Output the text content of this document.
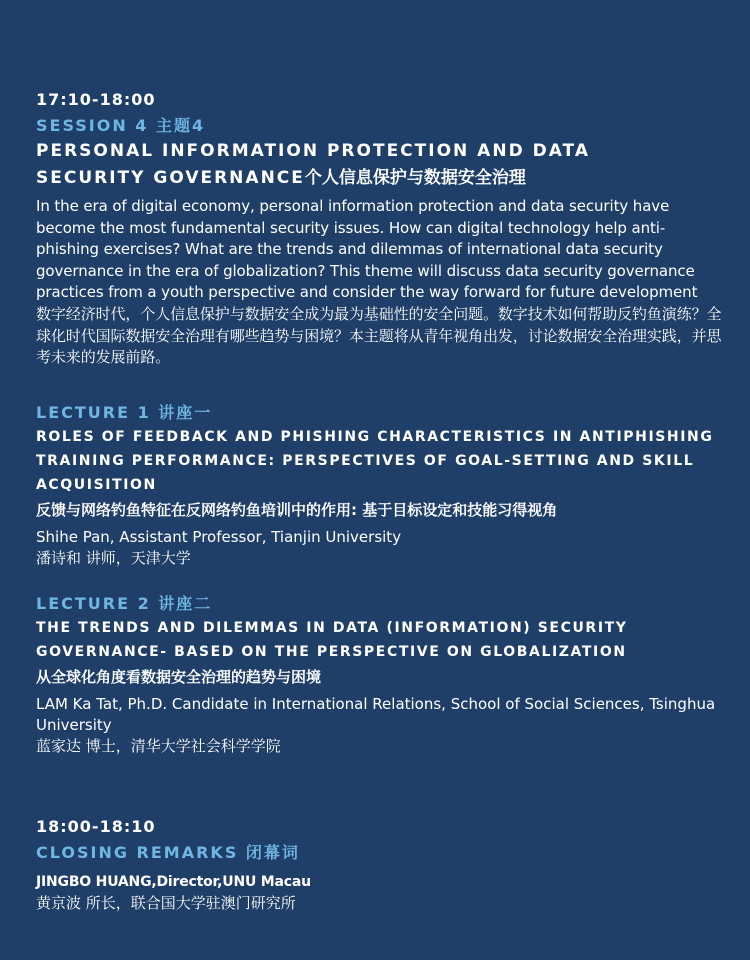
17:10-18:00

SESSION 4 主题4

PERSONAL INFORMATION PROTECTION AND DATA
SECURITY GOVERNANCE个人信息保护与数据安全治理

In the era of digital economy, personal information protection and data security have become the most fundamental security issues. How can digital technology help anti-phishing exercises? What are the trends and dilemmas of international data security governance in the era of globalization? This theme will discuss data security governance practices from a youth perspective and consider the way forward for future development

数字经济时代，个人信息保护与数据安全成为最为基础性的安全问题。数字技术如何帮助反钓鱼演练？全球化时代国际数据安全治理有哪些趋势与困境？本主题将从青年视角出发，讨论数据安全治理实践，并思考未来的发展前路。

LECTURE 1 讲座一

ROLES OF FEEDBACK AND PHISHING CHARACTERISTICS IN ANTIPHISHING TRAINING PERFORMANCE: PERSPECTIVES OF GOAL-SETTING AND SKILL ACQUISITION

反馈与网络钓鱼特征在反网络钓鱼培训中的作用: 基于目标设定和技能习得视角

Shihe Pan, Assistant Professor, Tianjin University

潘诗和 讲师，天津大学

LECTURE 2 讲座二

THE TRENDS AND DILEMMAS IN DATA (INFORMATION) SECURITY GOVERNANCE- BASED ON THE PERSPECTIVE ON GLOBALIZATION

从全球化角度看数据安全治理的趋势与困境

LAM Ka Tat, Ph.D. Candidate in International Relations, School of Social Sciences, Tsinghua University

蓝家达 博士，清华大学社会科学学院

18:00-18:10

CLOSING REMARKS 闭幕词

JINGBO HUANG,Director,UNU Macau

黄京波 所长，联合国大学驻澳门研究所
